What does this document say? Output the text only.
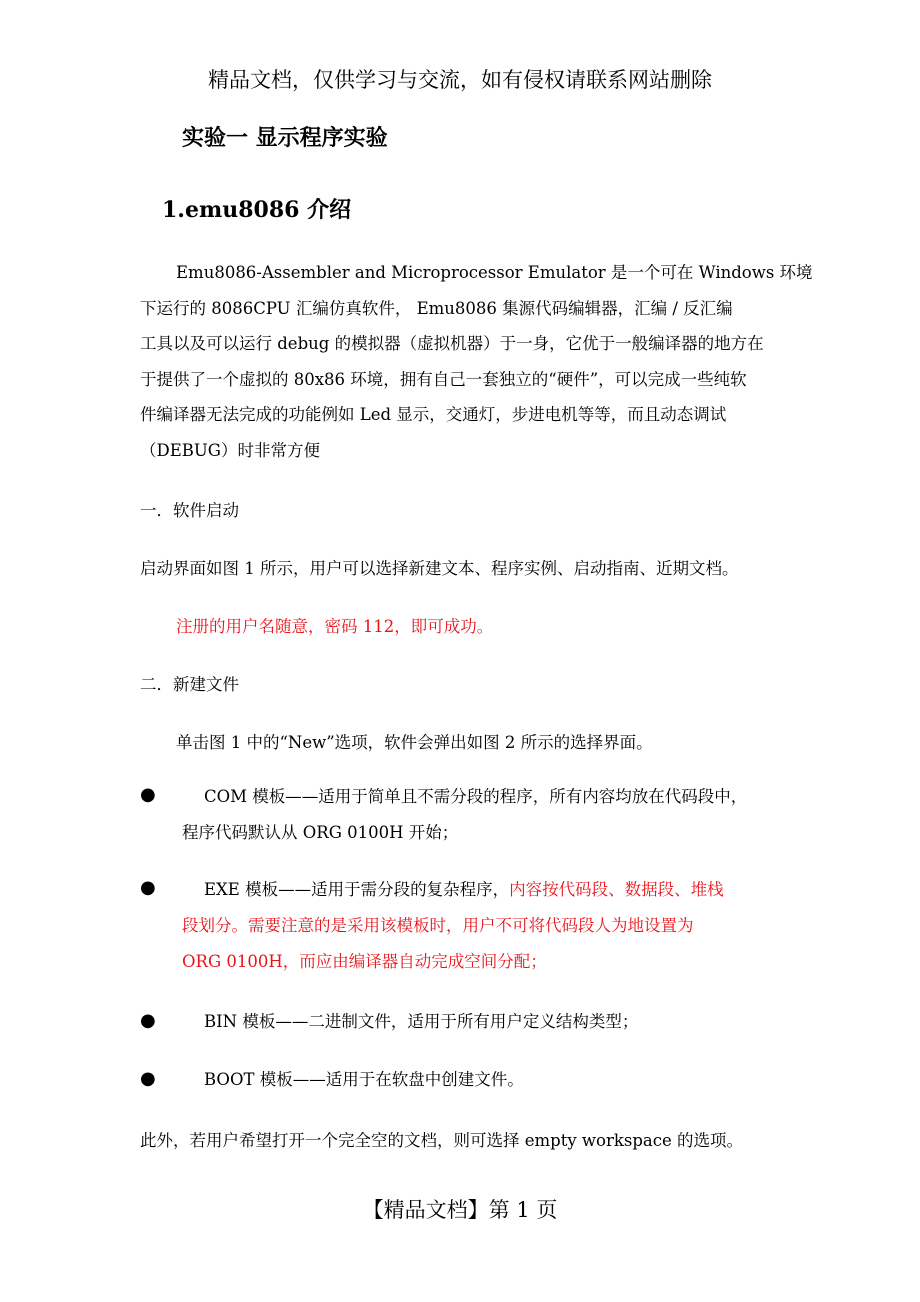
精品文档，仅供学习与交流，如有侵权请联系网站删除
实验一 显示程序实验
1.emu8086 介绍
Emu8086-Assembler and Microprocessor Emulator 是一个可在 Windows 环境
下运行的 8086CPU 汇编仿真软件， Emu8086 集源代码编辑器，汇编 / 反汇编
工具以及可以运行 debug 的模拟器（虚拟机器）于一身，它优于一般编译器的地方在
于提供了一个虚拟的 80x86 环境，拥有自己一套独立的“硬件”，可以完成一些纯软
件编译器无法完成的功能例如 Led 显示，交通灯，步进电机等等，而且动态调试
（DEBUG）时非常方便
一．软件启动
启动界面如图 1 所示，用户可以选择新建文本、程序实例、启动指南、近期文档。
注册的用户名随意，密码 112，即可成功。
二．新建文件
单击图 1 中的“New”选项，软件会弹出如图 2 所示的选择界面。
●	COM 模板——适用于简单且不需分段的程序，所有内容均放在代码段中，
程序代码默认从 ORG 0100H 开始；
●	EXE 模板——适用于需分段的复杂程序，内容按代码段、数据段、堆栈
段划分。需要注意的是采用该模板时，用户不可将代码段人为地设置为
ORG 0100H，而应由编译器自动完成空间分配；
●	BIN 模板——二进制文件，适用于所有用户定义结构类型；
●	BOOT 模板——适用于在软盘中创建文件。
此外，若用户希望打开一个完全空的文档，则可选择 empty workspace 的选项。
【精品文档】第 1 页
